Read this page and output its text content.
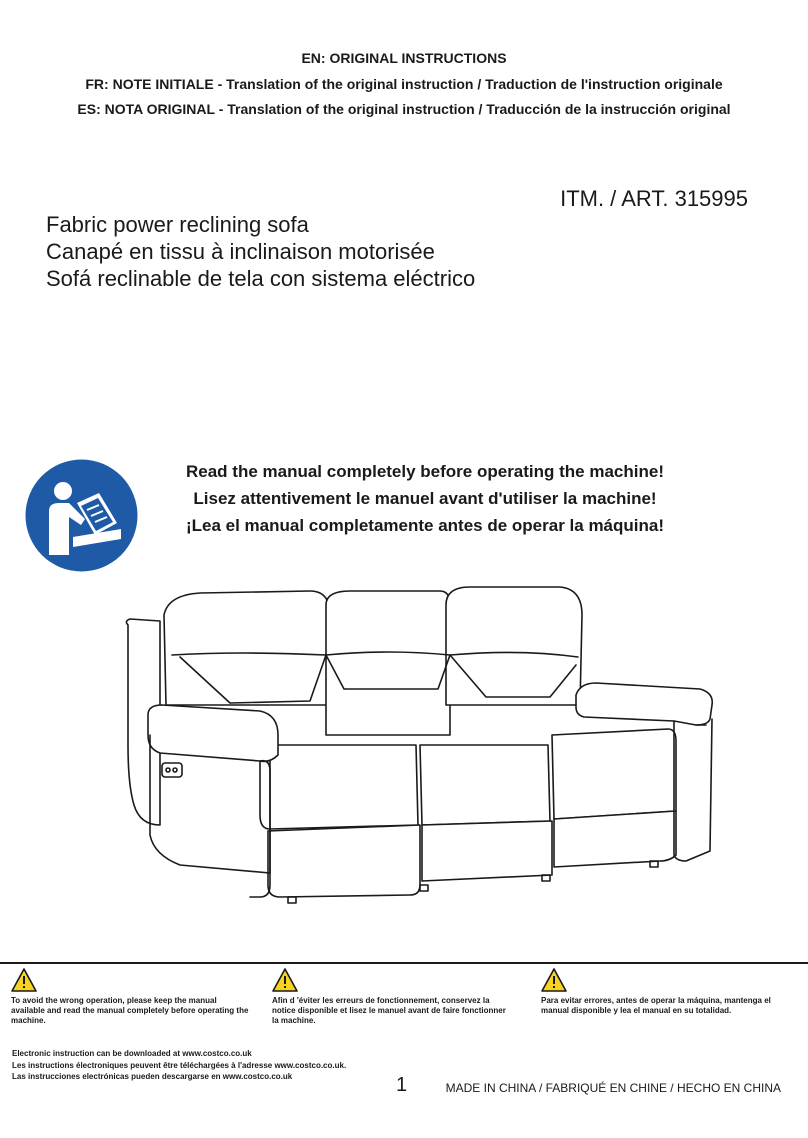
EN: ORIGINAL INSTRUCTIONS
FR: NOTE INITIALE - Translation of the original instruction / Traduction de l'instruction originale
ES: NOTA ORIGINAL - Translation of the original instruction / Traducción de la instrucción original
ITM. / ART. 315995
Fabric power reclining sofa
Canapé en tissu à inclinaison motorisée
Sofá reclinable de tela con sistema eléctrico
Read the manual completely before operating the machine!
Lisez attentivement le manuel avant d'utiliser la machine!
¡Lea el manual completamente antes de operar la máquina!
To avoid the wrong operation, please keep the manual available and read the manual completely before operating the machine.
Afin d 'éviter les erreurs de fonctionnement, conservez la notice disponible et lisez le manuel avant de faire fonctionner la machine.
Para evitar errores, antes de operar la máquina, mantenga el manual disponible y lea el manual en su totalidad.
Electronic instruction can be downloaded at www.costco.co.uk
Les instructions électroniques peuvent être téléchargées à l'adresse www.costco.co.uk.
Las instrucciones electrónicas pueden descargarse en www.costco.co.uk	1	MADE IN CHINA / FABRIQUÉ EN CHINE / HECHO EN CHINA
